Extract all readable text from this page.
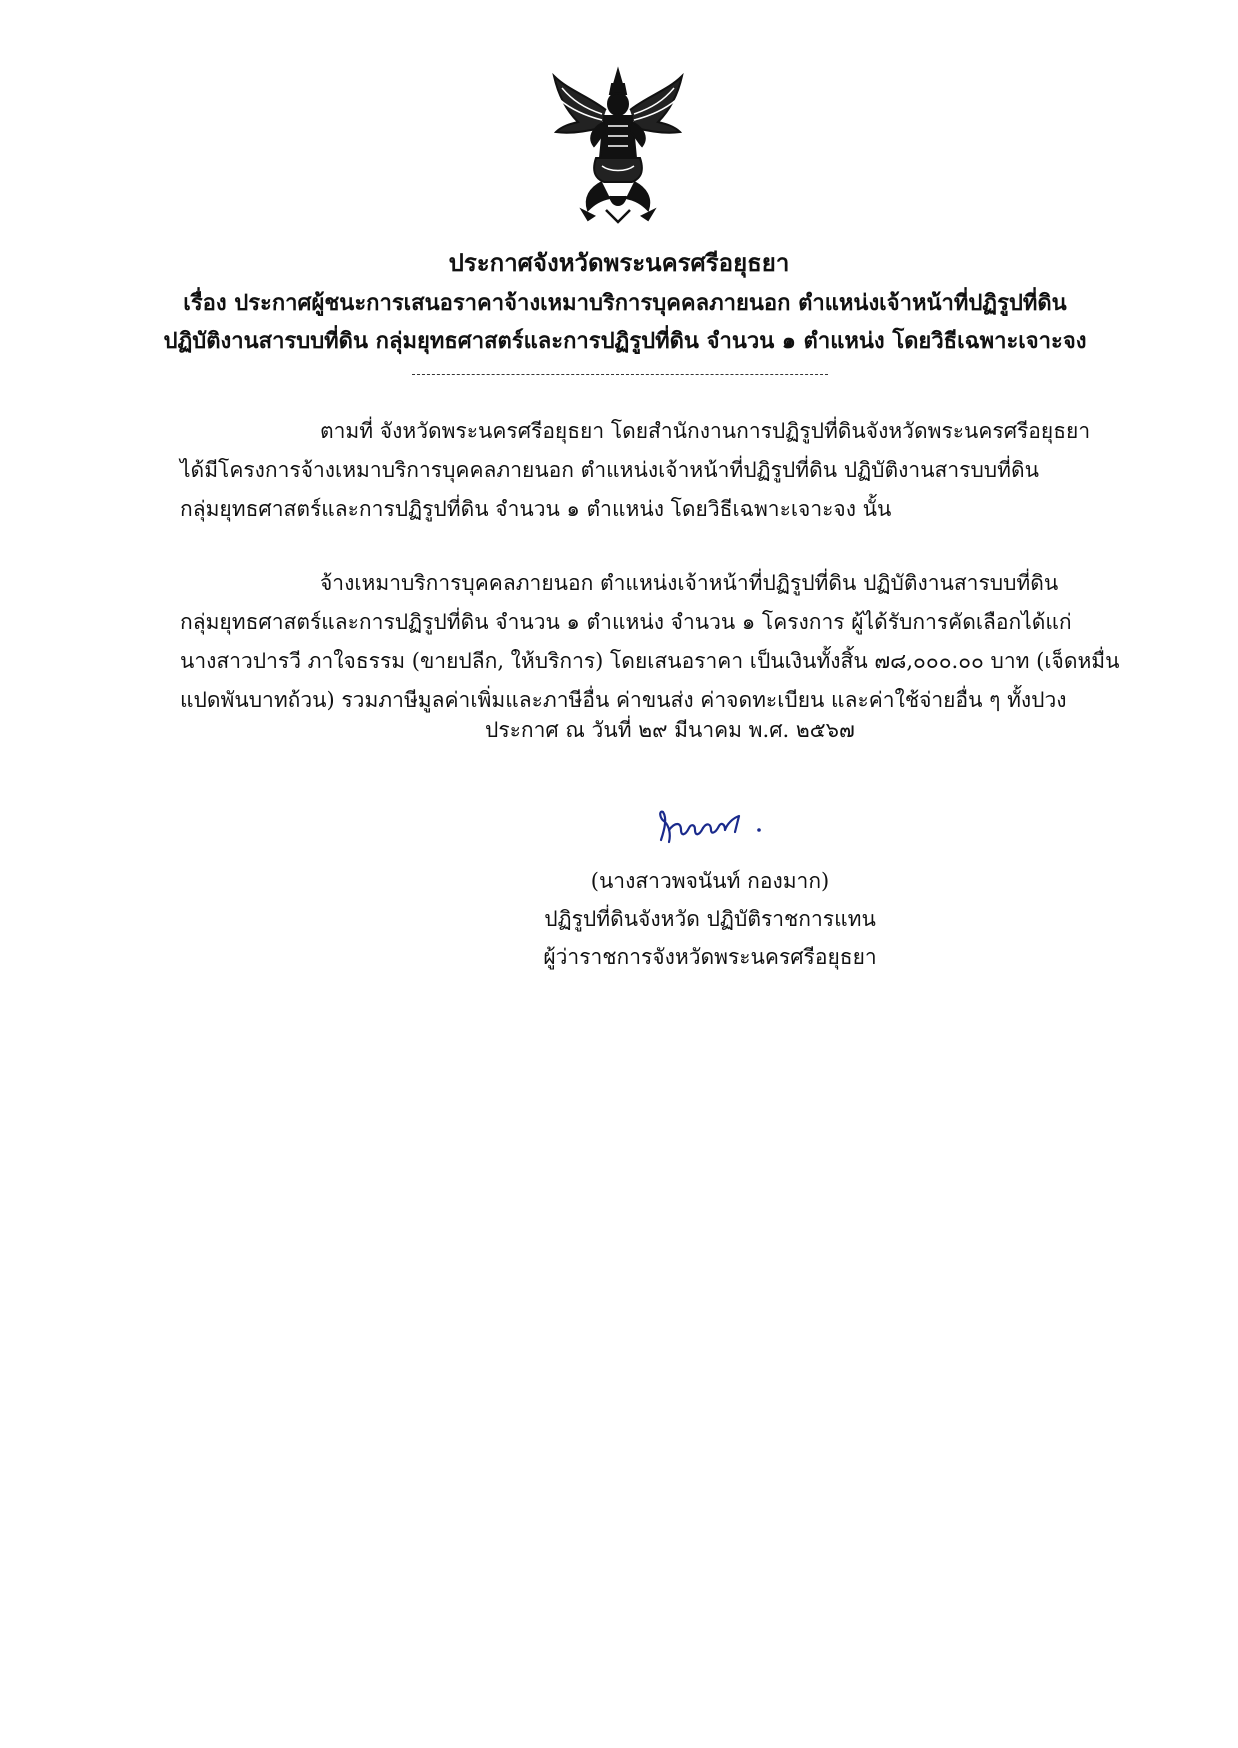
ประกาศจังหวัดพระนครศรีอยุธยา
เรื่อง ประกาศผู้ชนะการเสนอราคาจ้างเหมาบริการบุคคลภายนอก ตำแหน่งเจ้าหน้าที่ปฏิรูปที่ดิน
ปฏิบัติงานสารบบที่ดิน กลุ่มยุทธศาสตร์และการปฏิรูปที่ดิน จำนวน ๑ ตำแหน่ง โดยวิธีเฉพาะเจาะจง
ตามที่ จังหวัดพระนครศรีอยุธยา โดยสำนักงานการปฏิรูปที่ดินจังหวัดพระนครศรีอยุธยา
ได้มีโครงการจ้างเหมาบริการบุคคลภายนอก ตำแหน่งเจ้าหน้าที่ปฏิรูปที่ดิน ปฏิบัติงานสารบบที่ดิน
กลุ่มยุทธศาสตร์และการปฏิรูปที่ดิน จำนวน ๑ ตำแหน่ง โดยวิธีเฉพาะเจาะจง นั้น
จ้างเหมาบริการบุคคลภายนอก ตำแหน่งเจ้าหน้าที่ปฏิรูปที่ดิน ปฏิบัติงานสารบบที่ดิน
กลุ่มยุทธศาสตร์และการปฏิรูปที่ดิน จำนวน ๑ ตำแหน่ง จำนวน ๑ โครงการ ผู้ได้รับการคัดเลือกได้แก่
นางสาวปารวี ภาใจธรรม (ขายปลีก, ให้บริการ) โดยเสนอราคา เป็นเงินทั้งสิ้น ๗๘,๐๐๐.๐๐ บาท (เจ็ดหมื่น
แปดพันบาทถ้วน) รวมภาษีมูลค่าเพิ่มและภาษีอื่น ค่าขนส่ง ค่าจดทะเบียน และค่าใช้จ่ายอื่น ๆ ทั้งปวง
ประกาศ ณ วันที่ ๒๙ มีนาคม พ.ศ. ๒๕๖๗
(นางสาวพจนันท์ กองมาก)
ปฏิรูปที่ดินจังหวัด ปฏิบัติราชการแทน
ผู้ว่าราชการจังหวัดพระนครศรีอยุธยา
